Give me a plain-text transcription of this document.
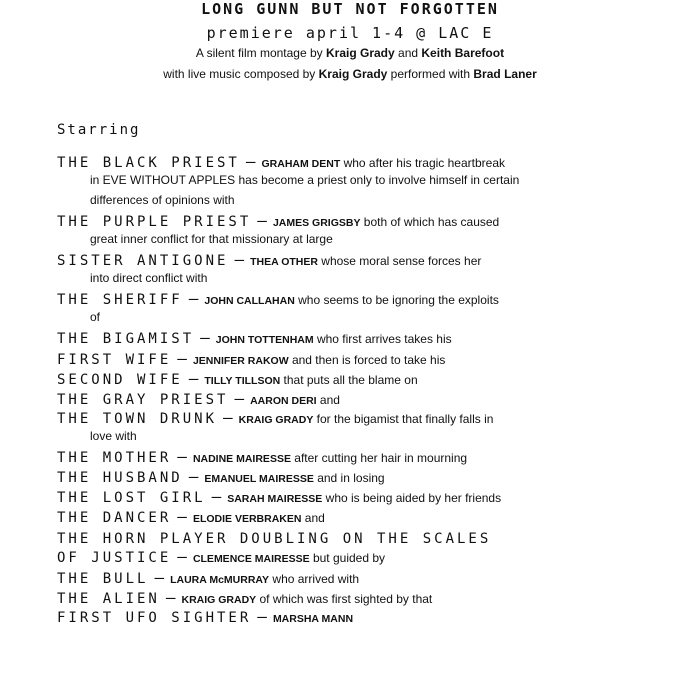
LONG GUNN BUT NOT FORGOTTEN
premiere april 1-4 @ LAC E
A silent film montage by Kraig Grady and Keith Barefoot
with live music composed by Kraig Grady performed with Brad Laner
Starring
THE BLACK PRIEST — GRAHAM DENT who after his tragic heartbreak
in EVE WITHOUT APPLES has become a priest only to involve himself in certain
differences of opinions with
THE PURPLE PRIEST — JAMES GRIGSBY both of which has caused
great inner conflict for that missionary at large
SISTER ANTIGONE — THEA OTHER whose moral sense forces her
into direct conflict with
THE SHERIFF — JOHN CALLAHAN who seems to be ignoring the exploits
of
THE BIGAMIST — JOHN TOTTENHAM who first arrives takes his
FIRST WIFE — JENNIFER RAKOW and then is forced to take his
SECOND WIFE — TILLY TILLSON that puts all the blame on
THE GRAY PRIEST — AARON DERI and
THE TOWN DRUNK — KRAIG GRADY for the bigamist that finally falls in
love with
THE MOTHER — NADINE MAIRESSE after cutting her hair in mourning
THE HUSBAND — EMANUEL MAIRESSE and in losing
THE LOST GIRL — SARAH MAIRESSE who is being aided by her friends
THE DANCER — ELODIE VERBRAKEN and
THE HORN PLAYER DOUBLING ON THE SCALES
OF JUSTICE — CLEMENCE MAIRESSE but guided by
THE BULL — LAURA McMURRAY who arrived with
THE ALIEN — KRAIG GRADY of which was first sighted by that
FIRST UFO SIGHTER — MARSHA MANN
